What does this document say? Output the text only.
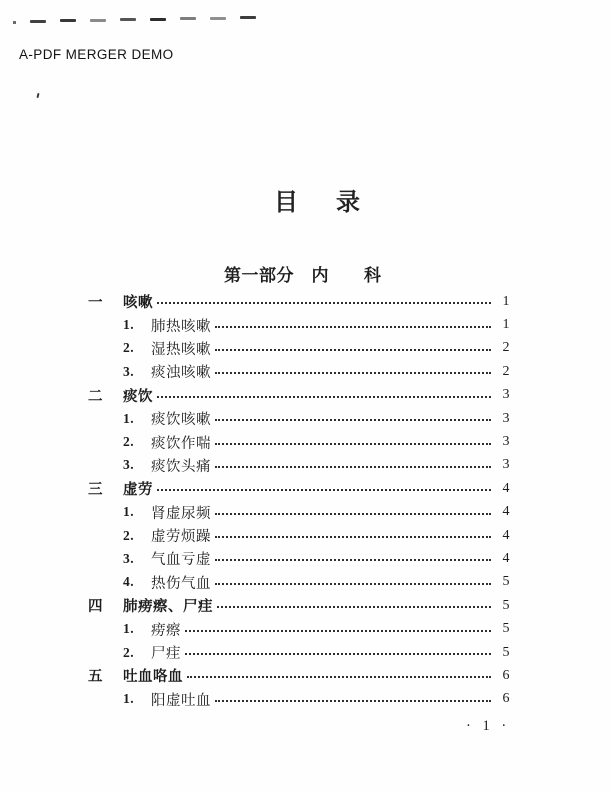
A-PDF MERGER DEMO
目　录
第一部分　内　　科
一	咳嗽	1
1.	肺热咳嗽	1
2.	湿热咳嗽	2
3.	痰浊咳嗽	2
二	痰饮	3
1.	痰饮咳嗽	3
2.	痰饮作喘	3
3.	痰饮头痛	3
三	虚劳	4
1.	肾虚尿频	4
2.	虚劳烦躁	4
3.	气血亏虚	4
4.	热伤气血	5
四	肺痨瘵、尸疰	5
1.	痨瘵	5
2.	尸疰	5
五	吐血咯血	6
1.	阳虚吐血	6
· 1 ·
